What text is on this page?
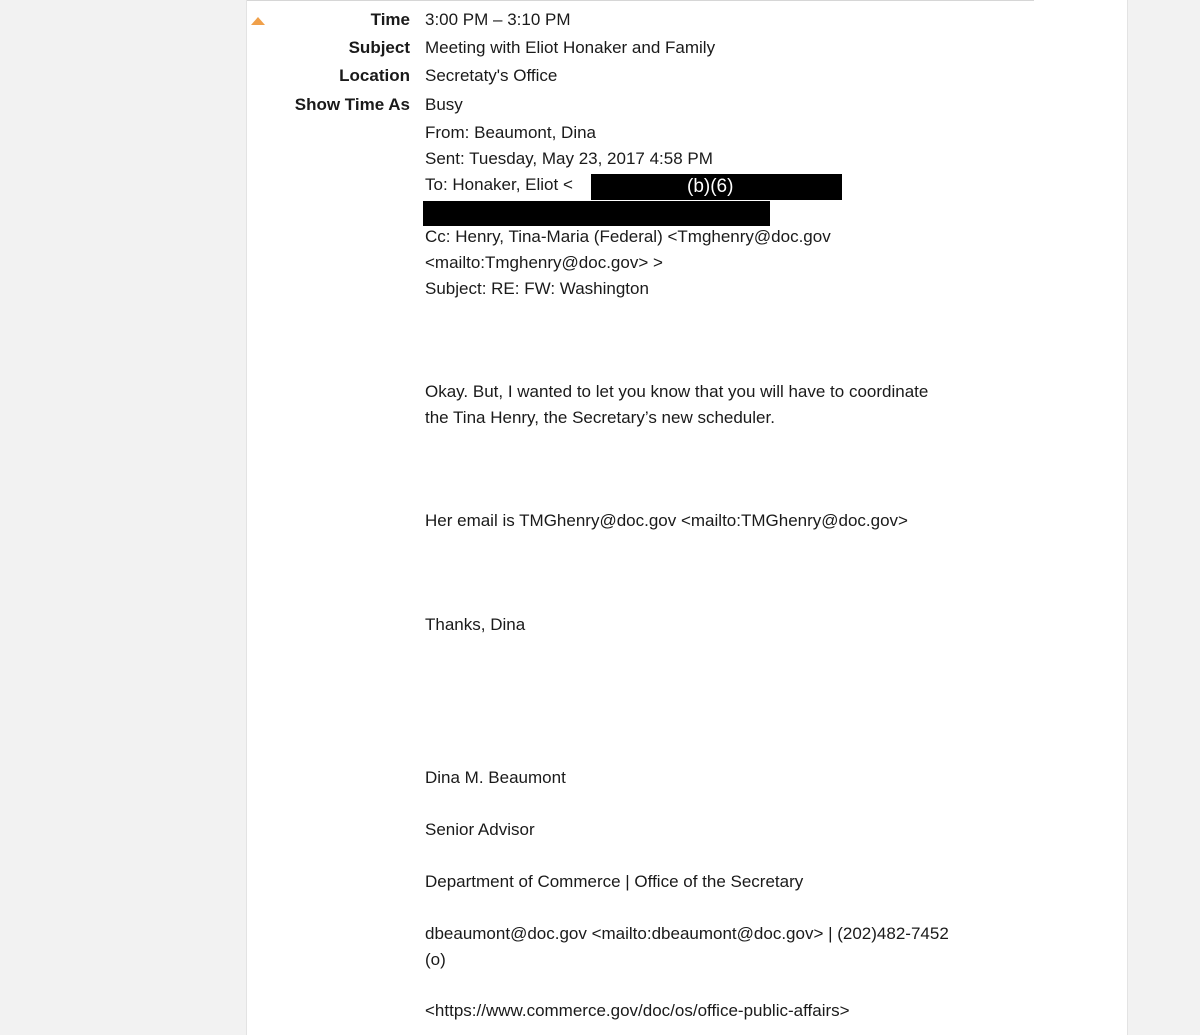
Time 3:00 PM – 3:10 PM
Subject Meeting with Eliot Honaker and Family
Location Secretaty's Office
Show Time As Busy
From: Beaumont, Dina
Sent: Tuesday, May 23, 2017 4:58 PM
To: Honaker, Eliot <	(b)(6)
Cc: Henry, Tina-Maria (Federal) <Tmghenry@doc.gov
<mailto:Tmghenry@doc.gov> >
Subject: RE: FW: Washington
Okay. But, I wanted to let you know that you will have to coordinate
the Tina Henry, the Secretary’s new scheduler.
Her email is TMGhenry@doc.gov <mailto:TMGhenry@doc.gov>
Thanks, Dina
Dina M. Beaumont
Senior Advisor
Department of Commerce | Office of the Secretary
dbeaumont@doc.gov <mailto:dbeaumont@doc.gov> | (202)482-7452
(o)
<https://www.commerce.gov/doc/os/office-public-affairs>
